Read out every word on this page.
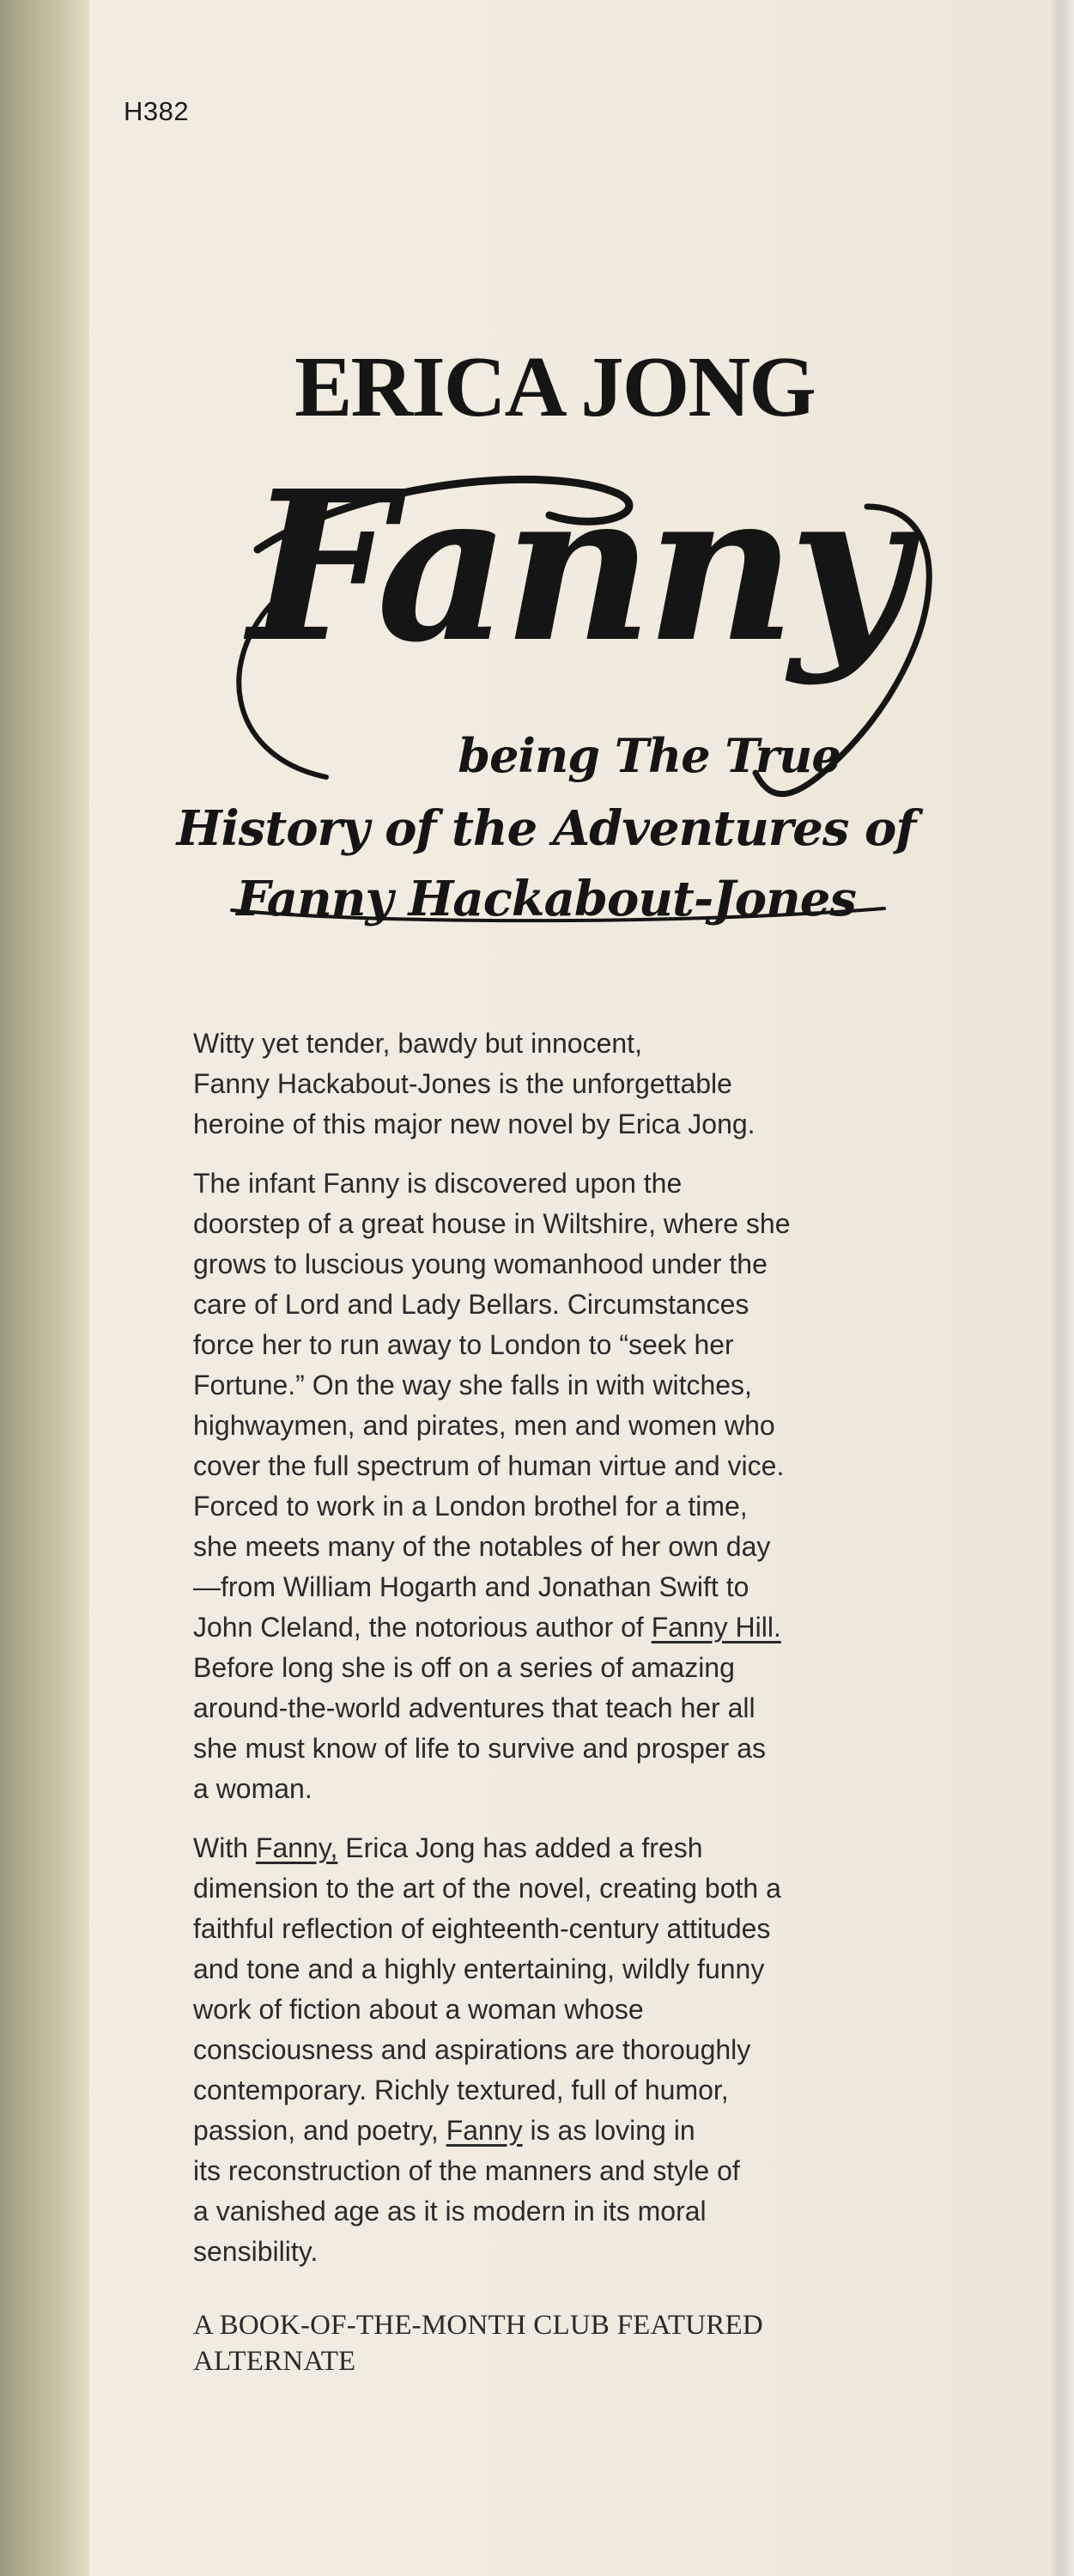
H382
ERICA JONG
Fanny
being The True
History of the Adventures of
Fanny Hackabout-Jones

Witty yet tender, bawdy but innocent,
Fanny Hackabout-Jones is the unforgettable
heroine of this major new novel by Erica Jong.

The infant Fanny is discovered upon the
doorstep of a great house in Wiltshire, where she
grows to luscious young womanhood under the
care of Lord and Lady Bellars. Circumstances
force her to run away to London to “seek her
Fortune.” On the way she falls in with witches,
highwaymen, and pirates, men and women who
cover the full spectrum of human virtue and vice.
Forced to work in a London brothel for a time,
she meets many of the notables of her own day
—from William Hogarth and Jonathan Swift to
John Cleland, the notorious author of Fanny Hill.
Before long she is off on a series of amazing
around-the-world adventures that teach her all
she must know of life to survive and prosper as
a woman.

With Fanny, Erica Jong has added a fresh
dimension to the art of the novel, creating both a
faithful reflection of eighteenth-century attitudes
and tone and a highly entertaining, wildly funny
work of fiction about a woman whose
consciousness and aspirations are thoroughly
contemporary. Richly textured, full of humor,
passion, and poetry, Fanny is as loving in
its reconstruction of the manners and style of
a vanished age as it is modern in its moral
sensibility.

A BOOK-OF-THE-MONTH CLUB FEATURED
ALTERNATE
